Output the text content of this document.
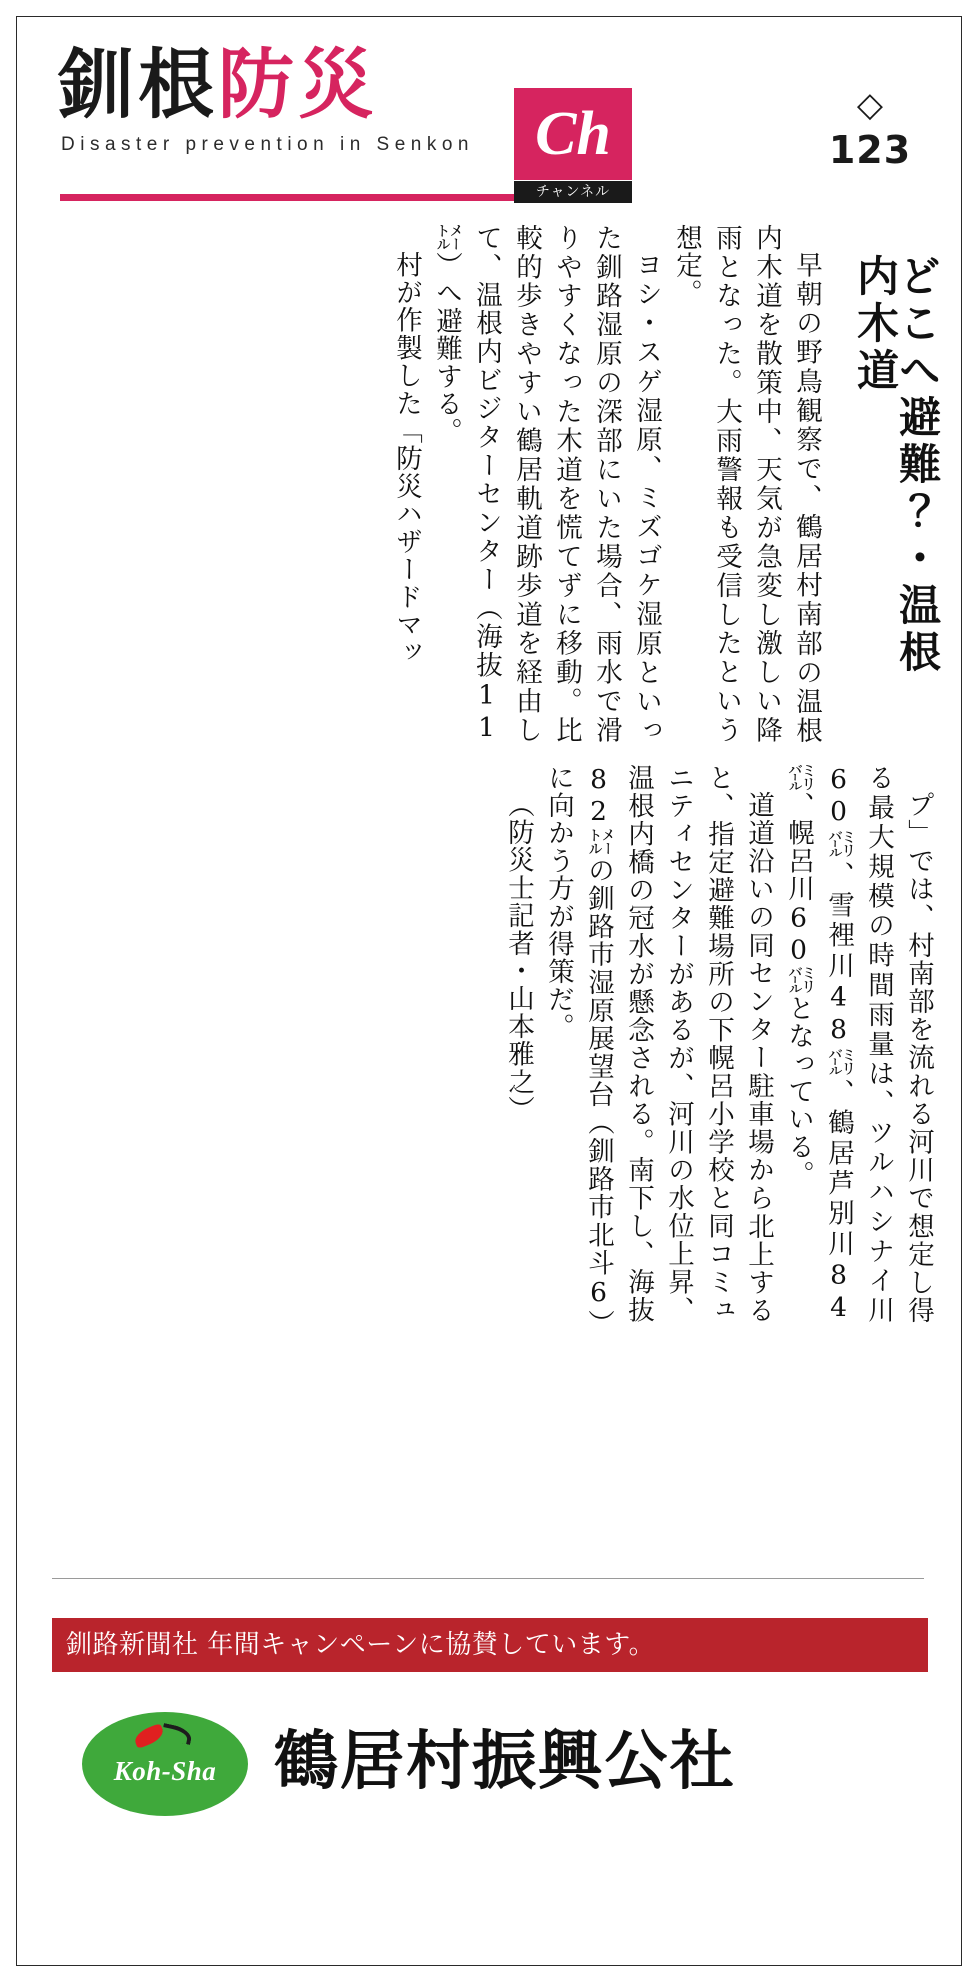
釧根防災
Disaster prevention in Senkon Ch
チャンネル
◇
123
どこへ避難？・温根内木道

早朝の野鳥観察で、鶴居村南部の温根内木道を散策中、天気が急変し激しい降雨となった。大雨警報も受信したという想定。

ヨシ・スゲ湿原、ミズゴケ湿原といった釧路湿原の深部にいた場合、雨水で滑りやすくなった木道を慌てずに移動。比較的歩きやすい鶴居軌道跡歩道を経由して、温根内ビジターセンター（海抜11㍍）へ避難する。

村が作製した「防災ハザードマッ

プ」では、村南部を流れる河川で想定し得る最大規模の時間雨量は、ツルハシナイ川60㍊、雪裡川48㍊、鶴居芦別川84㍊、幌呂川60㍊となっている。

道道沿いの同センター駐車場から北上すると、指定避難場所の下幌呂小学校と同コミュニティセンターがあるが、河川の水位上昇、温根内橋の冠水が懸念される。南下し、海抜82㍍の釧路市湿原展望台（釧路市北斗6）に向かう方が得策だ。

（防災士記者・山本雅之）

釧路新聞社 年間キャンペーンに協賛しています。
Koh-Sha 鶴居村振興公社
